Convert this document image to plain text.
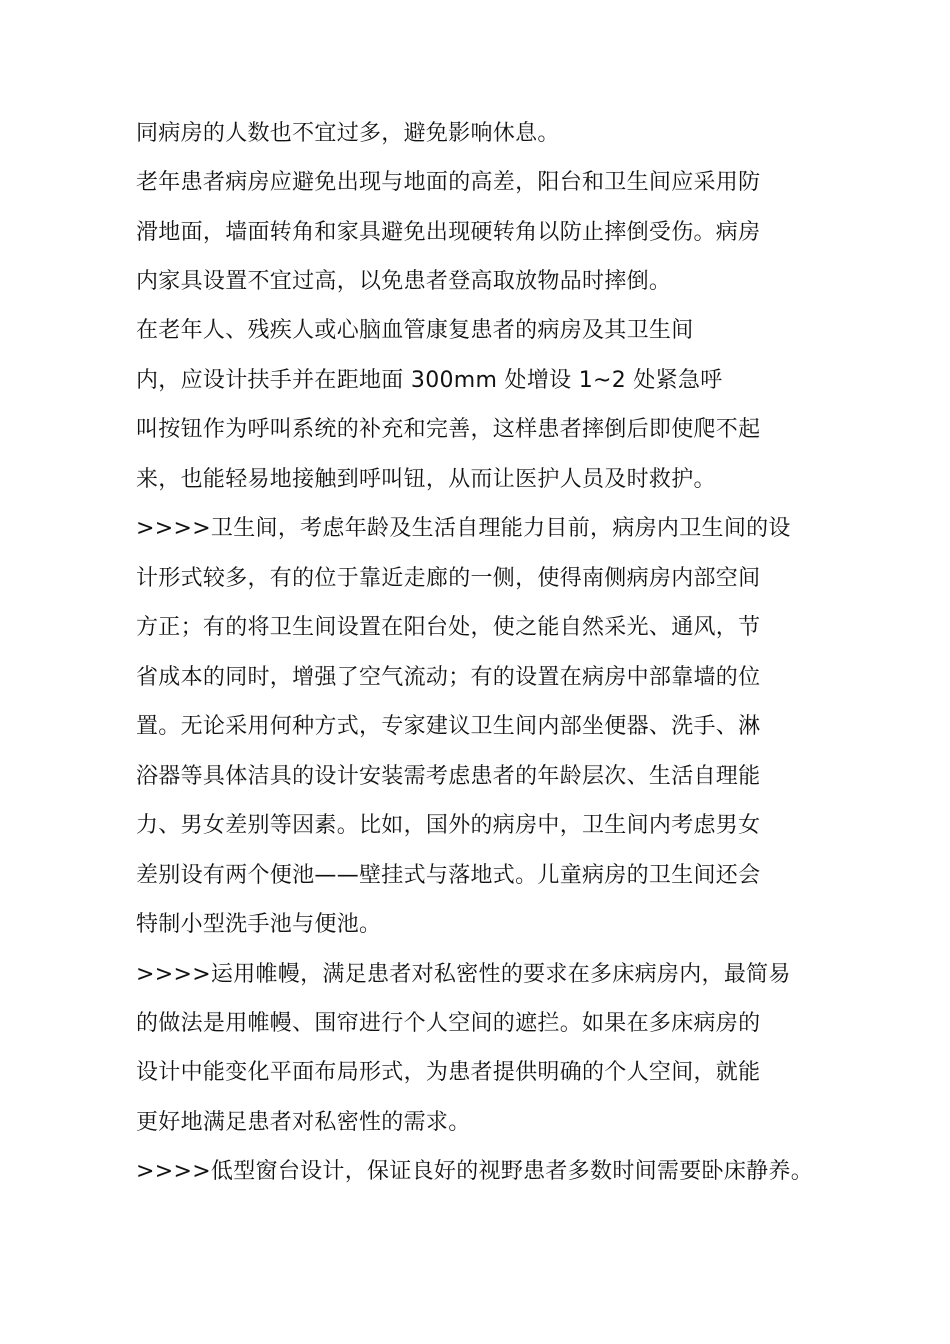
同病房的人数也不宜过多，避免影响休息。
老年患者病房应避免出现与地面的高差，阳台和卫生间应采用防
滑地面，墙面转角和家具避免出现硬转角以防止摔倒受伤。病房
内家具设置不宜过高，以免患者登高取放物品时摔倒。
在老年人、残疾人或心脑血管康复患者的病房及其卫生间
内，应设计扶手并在距地面 300mm 处增设 1~2 处紧急呼
叫按钮作为呼叫系统的补充和完善，这样患者摔倒后即使爬不起
来，也能轻易地接触到呼叫钮，从而让医护人员及时救护。
>>>>卫生间，考虑年龄及生活自理能力目前，病房内卫生间的设
计形式较多，有的位于靠近走廊的一侧，使得南侧病房内部空间
方正；有的将卫生间设置在阳台处，使之能自然采光、通风，节
省成本的同时，增强了空气流动；有的设置在病房中部靠墙的位
置。无论采用何种方式，专家建议卫生间内部坐便器、洗手、淋
浴器等具体洁具的设计安装需考虑患者的年龄层次、生活自理能
力、男女差别等因素。比如，国外的病房中，卫生间内考虑男女
差别设有两个便池——壁挂式与落地式。儿童病房的卫生间还会
特制小型洗手池与便池。
>>>>运用帷幔，满足患者对私密性的要求在多床病房内，最简易
的做法是用帷幔、围帘进行个人空间的遮拦。如果在多床病房的
设计中能变化平面布局形式，为患者提供明确的个人空间，就能
更好地满足患者对私密性的需求。
>>>>低型窗台设计，保证良好的视野患者多数时间需要卧床静养。
